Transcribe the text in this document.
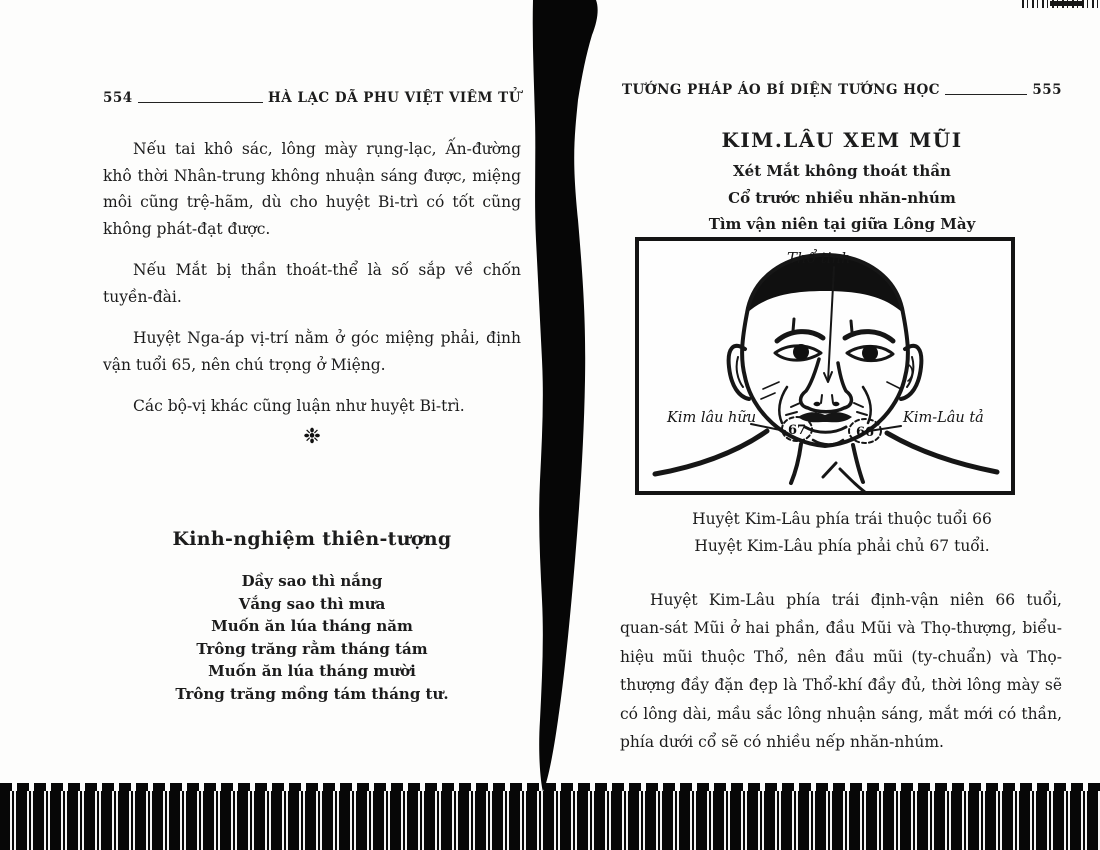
554	HÀ LẠC DÃ PHU VIỆT VIÊM TỬ

Nếu tai khô sác, lông mày rụng-lạc, Ấn-đường khô thời Nhân-trung không nhuận sáng được, miệng môi cũng trệ-hãm, dù cho huyệt Bi-trì có tốt cũng không phát-đạt được.

Nếu Mắt bị thần thoát-thể là số sắp về chốn tuyền-đài.

Huyệt Nga-áp vị-trí nằm ở góc miệng phải, định vận tuổi 65, nên chú trọng ở Miệng.

Các bộ-vị khác cũng luận như huyệt Bi-trì.

❉
Kinh-nghiệm thiên-tượng
Dầy sao thì nắng
Vắng sao thì mưa
Muốn ăn lúa tháng năm
Trông trăng rằm tháng tám
Muốn ăn lúa tháng mười
Trông trăng mồng tám tháng tư.
TƯỚNG PHÁP ÁO BÍ DIỆN TƯỚNG HỌC	555
KIM.LÂU XEM MŨI
Xét Mắt không thoát thần
Cổ trước nhiều nhăn-nhúm
Tìm vận niên tại giữa Lông Mày
67	66
Thổ tinh
Kim lâu hữu	Kim-Lâu tả
Huyệt Kim-Lâu phía trái thuộc tuổi 66
Huyệt Kim-Lâu phía phải chủ 67 tuổi.

Huyệt Kim-Lâu phía trái định-vận niên 66 tuổi, quan-sát Mũi ở hai phần, đầu Mũi và Thọ-thượng, biểu-hiệu mũi thuộc Thổ, nên đầu mũi (ty-chuẩn) và Thọ-thượng đầy đặn đẹp là Thổ-khí đầy đủ, thời lông mày sẽ có lông dài, mầu sắc lông nhuận sáng, mắt mới có thần, phía dưới cổ sẽ có nhiều nếp nhăn-nhúm.
